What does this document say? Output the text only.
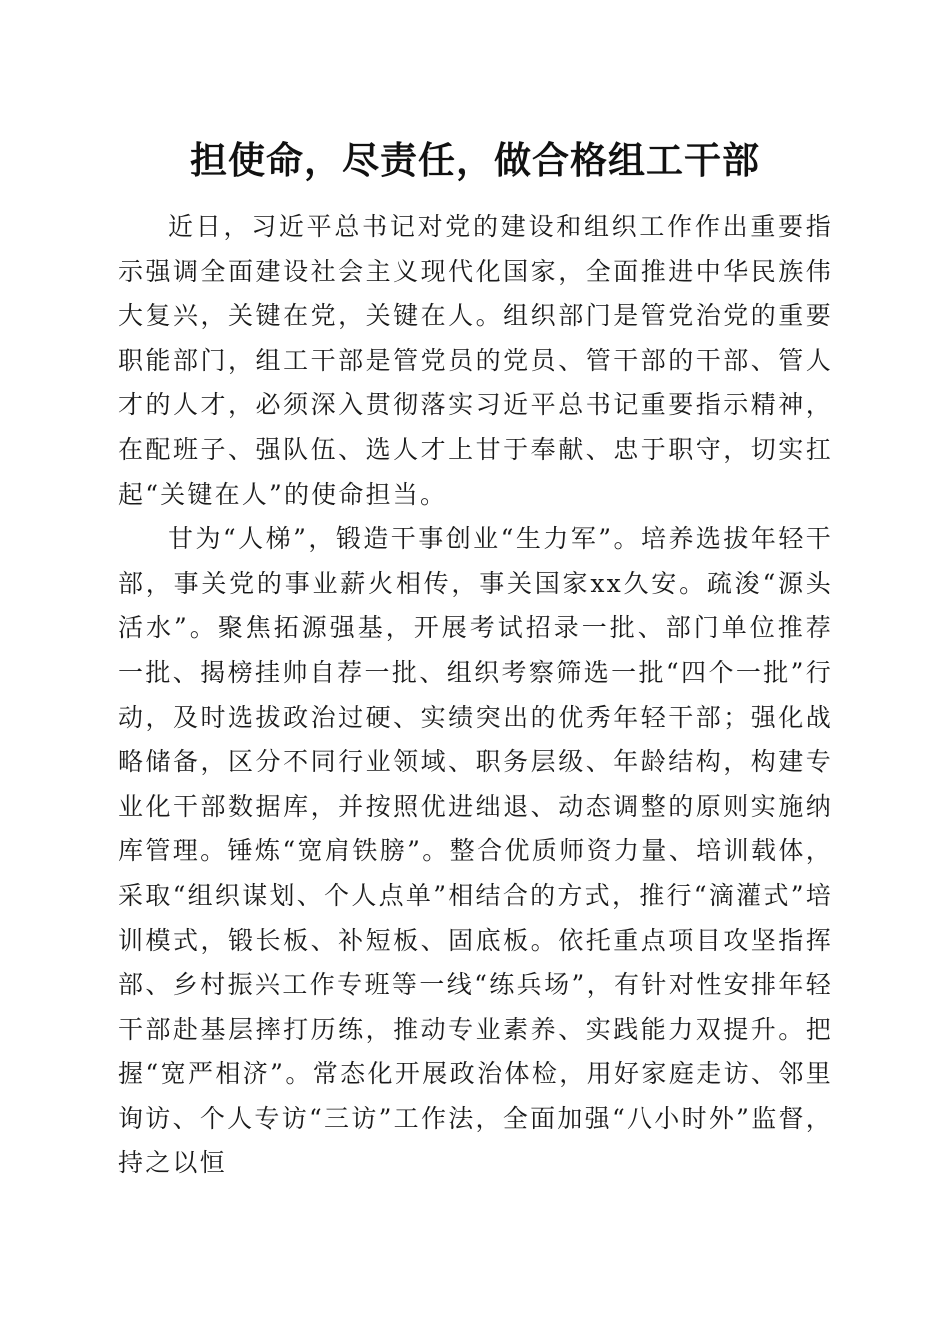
担使命，尽责任，做合格组工干部

近日，习近平总书记对党的建设和组织工作作出重要指示强调全面建设社会主义现代化国家，全面推进中华民族伟大复兴，关键在党，关键在人。组织部门是管党治党的重要职能部门，组工干部是管党员的党员、管干部的干部、管人才的人才，必须深入贯彻落实习近平总书记重要指示精神，在配班子、强队伍、选人才上甘于奉献、忠于职守，切实扛起“关键在人”的使命担当。

甘为“人梯”，锻造干事创业“生力军”。培养选拔年轻干部，事关党的事业薪火相传，事关国家xx久安。疏浚“源头活水”。聚焦拓源强基，开展考试招录一批、部门单位推荐一批、揭榜挂帅自荐一批、组织考察筛选一批“四个一批”行动，及时选拔政治过硬、实绩突出的优秀年轻干部；强化战略储备，区分不同行业领域、职务层级、年龄结构，构建专业化干部数据库，并按照优进绌退、动态调整的原则实施纳库管理。锤炼“宽肩铁膀”。整合优质师资力量、培训载体，采取“组织谋划、个人点单”相结合的方式，推行“滴灌式”培训模式，锻长板、补短板、固底板。依托重点项目攻坚指挥部、乡村振兴工作专班等一线“练兵场”，有针对性安排年轻干部赴基层摔打历练，推动专业素养、实践能力双提升。把握“宽严相济”。常态化开展政治体检，用好家庭走访、邻里询访、个人专访“三访”工作法，全面加强“八小时外”监督，持之以恒
